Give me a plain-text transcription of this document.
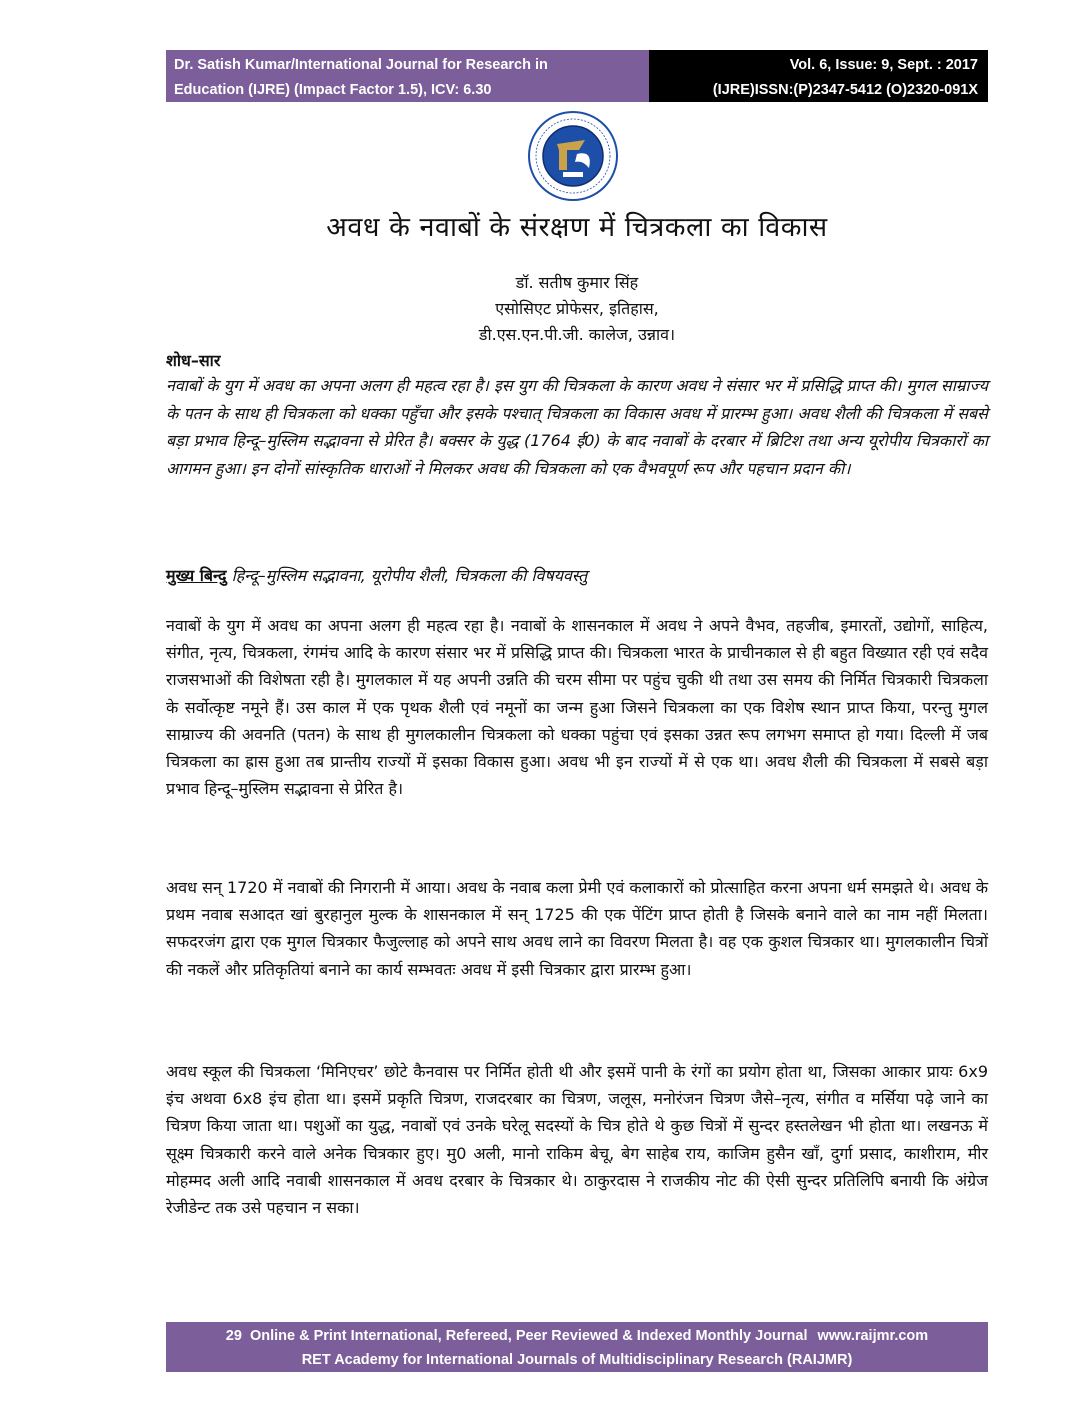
Dr. Satish Kumar/International Journal for Research in
Education (IJRE) (Impact Factor 1.5), ICV: 6.30
Vol. 6, Issue: 9, Sept. : 2017
(IJRE)ISSN:(P)2347-5412 (O)2320-091X
अवध के नवाबों के संरक्षण में चित्रकला का विकास
डॉ. सतीष कुमार सिंह
एसोसिएट प्रोफेसर, इतिहास,
डी.एस.एन.पी.जी. कालेज, उन्नाव।
शोध–सार
नवाबों के युग में अवध का अपना अलग ही महत्व रहा है। इस युग की चित्रकला के कारण अवध ने संसार भर में प्रसिद्धि प्राप्त की। मुगल साम्राज्य के पतन के साथ ही चित्रकला को धक्का पहुँचा और इसके पश्चात् चित्रकला का विकास अवध में प्रारम्भ हुआ। अवध शैली की चित्रकला में सबसे बड़ा प्रभाव हिन्दू–मुस्लिम सद्भावना से प्रेरित है। बक्सर के युद्ध (1764 ई0) के बाद नवाबों के दरबार में ब्रिटिश तथा अन्य यूरोपीय चित्रकारों का आगमन हुआ। इन दोनों सांस्कृतिक धाराओं ने मिलकर अवध की चित्रकला को एक वैभवपूर्ण रूप और पहचान प्रदान की।
मुख्य बिन्दु हिन्दू–मुस्लिम सद्भावना, यूरोपीय शैली, चित्रकला की विषयवस्तु
नवाबों के युग में अवध का अपना अलग ही महत्व रहा है। नवाबों के शासनकाल में अवध ने अपने वैभव, तहजीब, इमारतों, उद्योगों, साहित्य, संगीत, नृत्य, चित्रकला, रंगमंच आदि के कारण संसार भर में प्रसिद्धि प्राप्त की। चित्रकला भारत के प्राचीनकाल से ही बहुत विख्यात रही एवं सदैव राजसभाओं की विशेषता रही है। मुगलकाल में यह अपनी उन्नति की चरम सीमा पर पहुंच चुकी थी तथा उस समय की निर्मित चित्रकारी चित्रकला के सर्वोत्कृष्ट नमूने हैं। उस काल में एक पृथक शैली एवं नमूनों का जन्म हुआ जिसने चित्रकला का एक विशेष स्थान प्राप्त किया, परन्तु मुगल साम्राज्य की अवनति (पतन) के साथ ही मुगलकालीन चित्रकला को धक्का पहुंचा एवं इसका उन्नत रूप लगभग समाप्त हो गया। दिल्ली में जब चित्रकला का ह्रास हुआ तब प्रान्तीय राज्यों में इसका विकास हुआ। अवध भी इन राज्यों में से एक था। अवध शैली की चित्रकला में सबसे बड़ा प्रभाव हिन्दू–मुस्लिम सद्भावना से प्रेरित है।
अवध सन् 1720 में नवाबों की निगरानी में आया। अवध के नवाब कला प्रेमी एवं कलाकारों को प्रोत्साहित करना अपना धर्म समझते थे। अवध के प्रथम नवाब सआदत खां बुरहानुल मुल्क के शासनकाल में सन् 1725 की एक पेंटिंग प्राप्त होती है जिसके बनाने वाले का नाम नहीं मिलता। सफदरजंग द्वारा एक मुगल चित्रकार फैजुल्लाह को अपने साथ अवध लाने का विवरण मिलता है। वह एक कुशल चित्रकार था। मुगलकालीन चित्रों की नकलें और प्रतिकृतियां बनाने का कार्य सम्भवतः अवध में इसी चित्रकार द्वारा प्रारम्भ हुआ।
अवध स्कूल की चित्रकला ‘मिनिएचर’ छोटे कैनवास पर निर्मित होती थी और इसमें पानी के रंगों का प्रयोग होता था, जिसका आकार प्रायः 6x9 इंच अथवा 6x8 इंच होता था। इसमें प्रकृति चित्रण, राजदरबार का चित्रण, जलूस, मनोरंजन चित्रण जैसे–नृत्य, संगीत व मर्सिया पढ़े जाने का चित्रण किया जाता था। पशुओं का युद्ध, नवाबों एवं उनके घरेलू सदस्यों के चित्र होते थे कुछ चित्रों में सुन्दर हस्तलेखन भी होता था। लखनऊ में सूक्ष्म चित्रकारी करने वाले अनेक चित्रकार हुए। मु0 अली, मानो राकिम बेचू, बेग साहेब राय, काजिम हुसैन खाँ, दुर्गा प्रसाद, काशीराम, मीर मोहम्मद अली आदि नवाबी शासनकाल में अवध दरबार के चित्रकार थे। ठाकुरदास ने राजकीय नोट की ऐसी सुन्दर प्रतिलिपि बनायी कि अंग्रेज रेजीडेन्ट तक उसे पहचान न सका।
29 Online & Print International, Refereed, Peer Reviewed & Indexed Monthly Journal www.raijmr.com
RET Academy for International Journals of Multidisciplinary Research (RAIJMR)
